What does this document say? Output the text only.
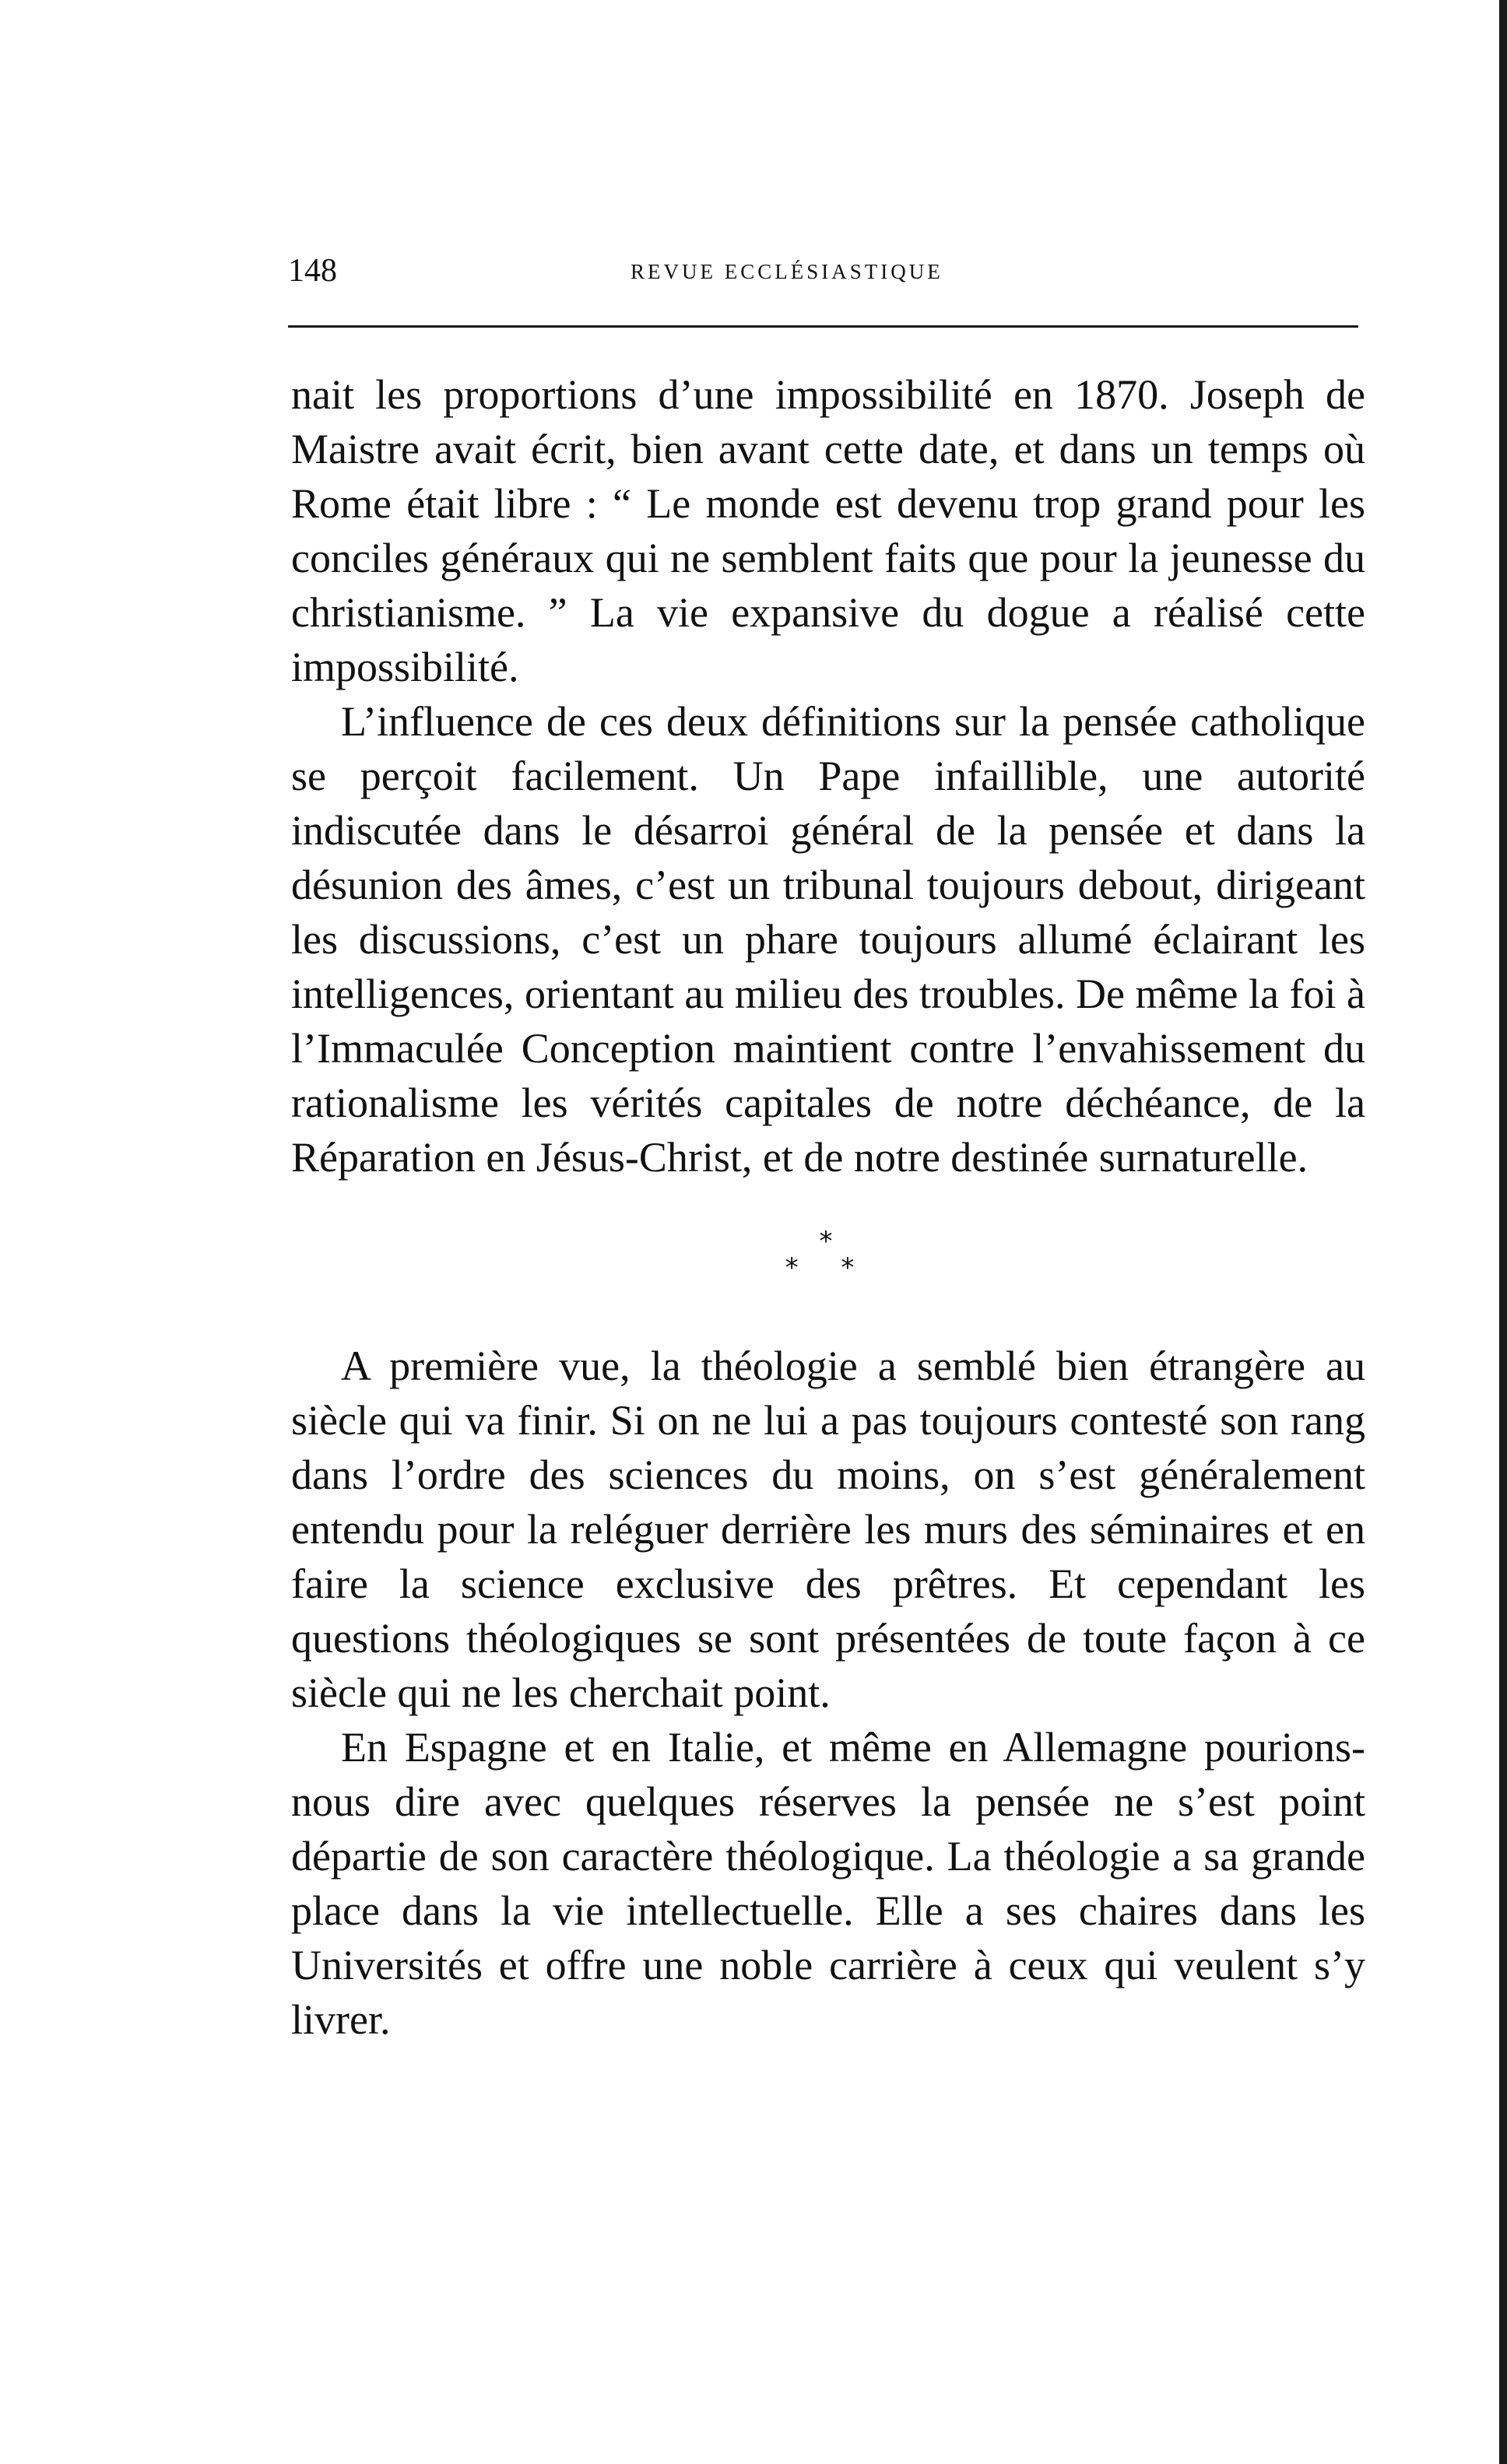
148	REVUE ECCLÉSIASTIQUE

nait les proportions d’une impossibilité en 1870. Joseph de Maistre avait écrit, bien avant cette date, et dans un temps où Rome était libre : “ Le monde est devenu trop grand pour les conciles généraux qui ne semblent faits que pour la jeunesse du christianisme. ” La vie expansive du dogue a réalisé cette impossibilité.

L’influence de ces deux définitions sur la pensée catholique se perçoit facilement. Un Pape infaillible, une autorité indiscutée dans le désarroi général de la pensée et dans la désunion des âmes, c’est un tribunal toujours debout, dirigeant les discussions, c’est un phare toujours allumé éclairant les intelligences, orientant au milieu des troubles. De même la foi à l’Immaculée Conception maintient contre l’envahissement du rationalisme les vérités capitales de notre déchéance, de la Réparation en Jésus-Christ, et de notre destinée surnaturelle.

*
* *

A première vue, la théologie a semblé bien étrangère au siècle qui va finir. Si on ne lui a pas toujours contesté son rang dans l’ordre des sciences du moins, on s’est généralement entendu pour la reléguer derrière les murs des séminaires et en faire la science exclusive des prêtres. Et cependant les questions théologiques se sont présentées de toute façon à ce siècle qui ne les cherchait point.

En Espagne et en Italie, et même en Allemagne pourions-nous dire avec quelques réserves la pensée ne s’est point départie de son caractère théologique. La théologie a sa grande place dans la vie intellectuelle. Elle a ses chaires dans les Universités et offre une noble carrière à ceux qui veulent s’y livrer.
